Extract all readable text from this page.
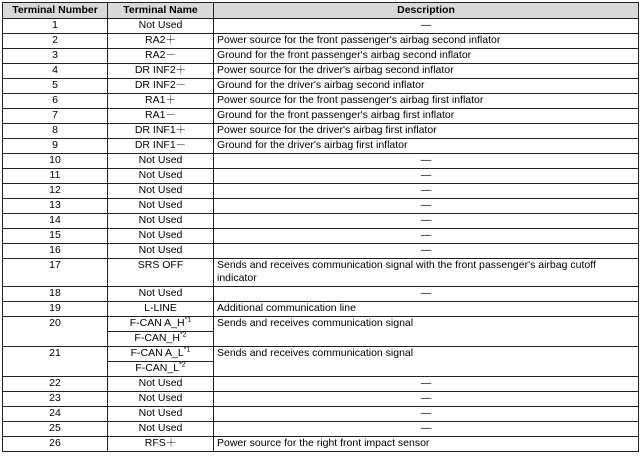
Terminal Number	Terminal Name	Description
1	Not Used	—
2	RA2＋	Power source for the front passenger's airbag second inflator
3	RA2－	Ground for the front passenger's airbag second inflator
4	DR INF2＋	Power source for the driver's airbag second inflator
5	DR INF2－	Ground for the driver's airbag second inflator
6	RA1＋	Power source for the front passenger's airbag first inflator
7	RA1－	Ground for the front passenger's airbag first inflator
8	DR INF1＋	Power source for the driver's airbag first inflator
9	DR INF1－	Ground for the driver's airbag first inflator
10	Not Used	—
11	Not Used	—
12	Not Used	—
13	Not Used	—
14	Not Used	—
15	Not Used	—
16	Not Used	—
17	SRS OFF	Sends and receives communication signal with the front passenger's airbag cutoff indicator
18	Not Used	—
19	L-LINE	Additional communication line
20	F-CAN $A\_H^{*1}$	Sends and receives communication signal
	$F-CAN\_H^{*2}$
21	F-CAN $A\_L^{*1}$	Sends and receives communication signal
	$F-CAN\_L^{*2}$
22	Not Used	—
23	Not Used	—
24	Not Used	—
25	Not Used	—
26	RFS＋	Power source for the right front impact sensor
